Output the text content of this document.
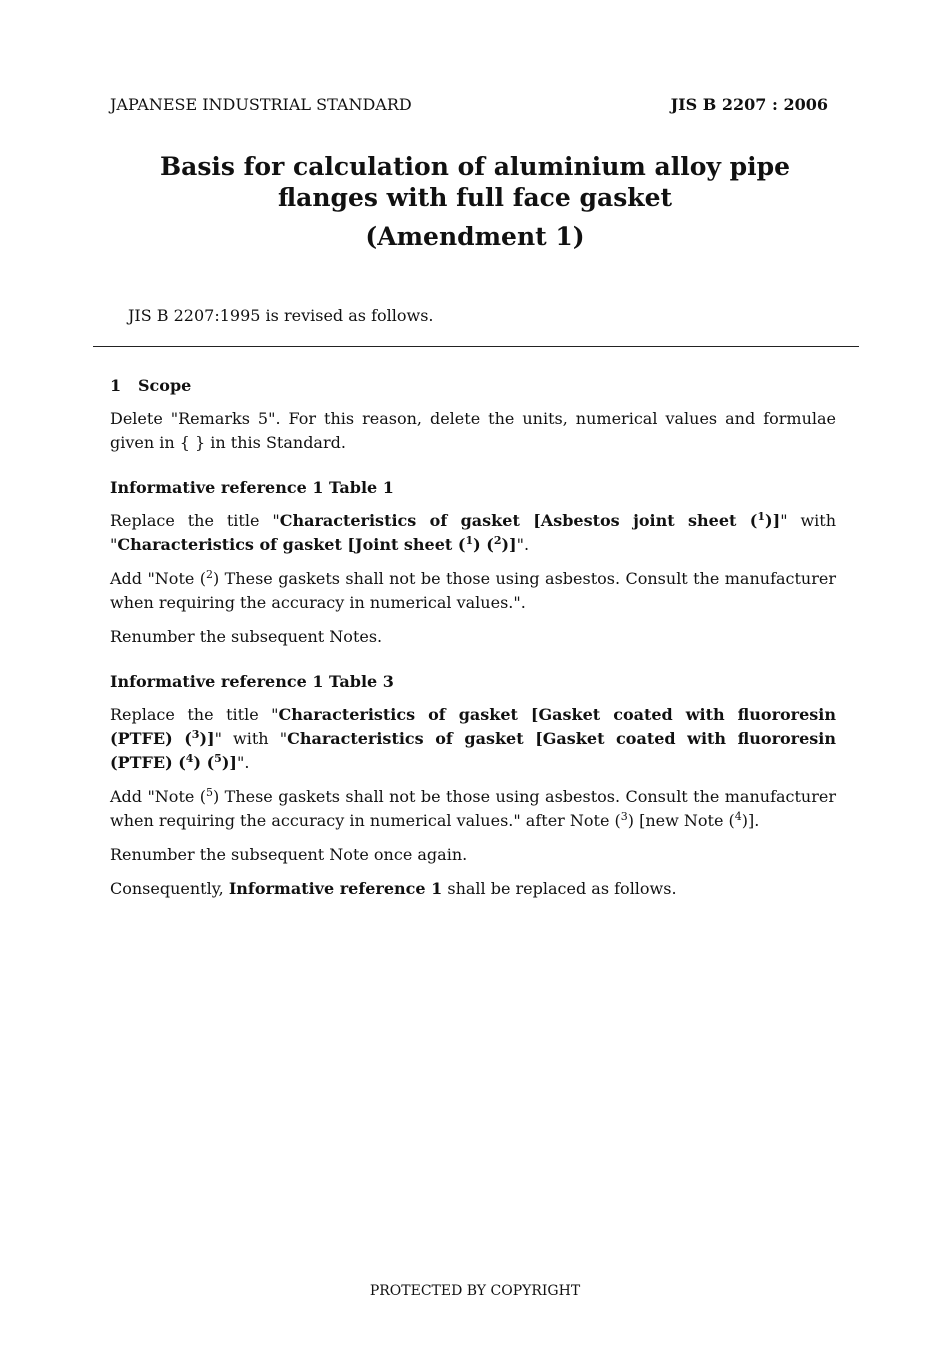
JAPANESE INDUSTRIAL STANDARD	JIS B 2207 : 2006
Basis for calculation of aluminium alloy pipe
flanges with full face gasket
(Amendment 1)
JIS B 2207:1995 is revised as follows.
1 Scope

Delete "Remarks 5". For this reason, delete the units, numerical values and formulae given in { } in this Standard.

Informative reference 1 Table 1

Replace the title "Characteristics of gasket [Asbestos joint sheet ($^1$)]" with "Characteristics of gasket [Joint sheet ($^1$) ($^2$)]".

Add "Note ($^2$) These gaskets shall not be those using asbestos. Consult the manufacturer when requiring the accuracy in numerical values.".

Renumber the subsequent Notes.

Informative reference 1 Table 3

Replace the title "Characteristics of gasket [Gasket coated with fluororesin (PTFE) ($^3$)]" with "Characteristics of gasket [Gasket coated with fluororesin (PTFE) ($^4$) ($^5$)]".

Add "Note ($^5$) These gaskets shall not be those using asbestos. Consult the manufacturer when requiring the accuracy in numerical values." after Note ($^3$) [new Note ($^4$)].

Renumber the subsequent Note once again.

Consequently, Informative reference 1 shall be replaced as follows.

PROTECTED BY COPYRIGHT
